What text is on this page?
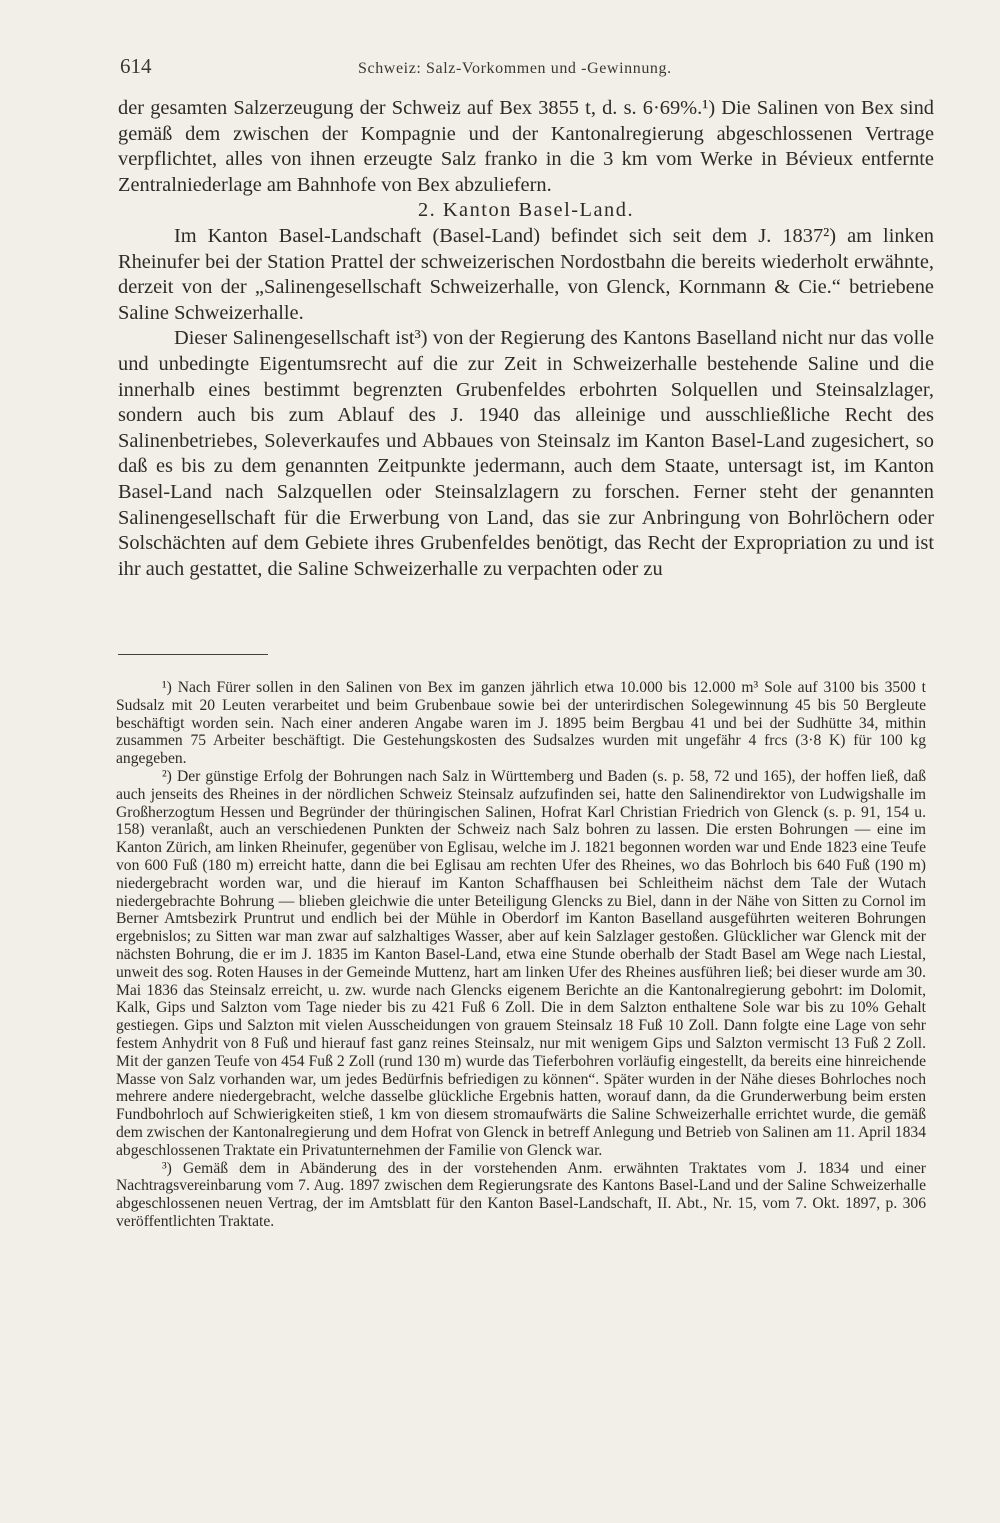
614	Schweiz: Salz-Vorkommen und -Gewinnung.

der gesamten Salzerzeugung der Schweiz auf Bex 3855 t, d. s. 6·69%.¹) Die Salinen von Bex sind gemäß dem zwischen der Kompagnie und der Kantonalregierung abgeschlossenen Vertrage verpflichtet, alles von ihnen erzeugte Salz franko in die 3 km vom Werke in Bévieux entfernte Zentralniederlage am Bahnhofe von Bex abzuliefern.

2. Kanton Basel-Land.

Im Kanton Basel-Landschaft (Basel-Land) befindet sich seit dem J. 1837²) am linken Rheinufer bei der Station Prattel der schweizerischen Nordostbahn die bereits wiederholt erwähnte, derzeit von der „Salinengesellschaft Schweizerhalle, von Glenck, Kornmann & Cie.“ betriebene Saline Schweizerhalle.

Dieser Salinengesellschaft ist³) von der Regierung des Kantons Baselland nicht nur das volle und unbedingte Eigentumsrecht auf die zur Zeit in Schweizerhalle bestehende Saline und die innerhalb eines bestimmt begrenzten Grubenfeldes erbohrten Solquellen und Steinsalzlager, sondern auch bis zum Ablauf des J. 1940 das alleinige und ausschließliche Recht des Salinenbetriebes, Soleverkaufes und Abbaues von Steinsalz im Kanton Basel-Land zugesichert, so daß es bis zu dem genannten Zeitpunkte jedermann, auch dem Staate, untersagt ist, im Kanton Basel-Land nach Salzquellen oder Steinsalzlagern zu forschen. Ferner steht der genannten Salinengesellschaft für die Erwerbung von Land, das sie zur Anbringung von Bohrlöchern oder Solschächten auf dem Gebiete ihres Grubenfeldes benötigt, das Recht der Expropriation zu und ist ihr auch gestattet, die Saline Schweizerhalle zu verpachten oder zu

¹) Nach Fürer sollen in den Salinen von Bex im ganzen jährlich etwa 10.000 bis 12.000 m³ Sole auf 3100 bis 3500 t Sudsalz mit 20 Leuten verarbeitet und beim Grubenbaue sowie bei der unterirdischen Solegewinnung 45 bis 50 Bergleute beschäftigt worden sein. Nach einer anderen Angabe waren im J. 1895 beim Bergbau 41 und bei der Sudhütte 34, mithin zusammen 75 Arbeiter beschäftigt. Die Gestehungskosten des Sudsalzes wurden mit ungefähr 4 frcs (3·8 K) für 100 kg angegeben.

²) Der günstige Erfolg der Bohrungen nach Salz in Württemberg und Baden (s. p. 58, 72 und 165), der hoffen ließ, daß auch jenseits des Rheines in der nördlichen Schweiz Steinsalz aufzufinden sei, hatte den Salinendirektor von Ludwigshalle im Großherzogtum Hessen und Begründer der thüringischen Salinen, Hofrat Karl Christian Friedrich von Glenck (s. p. 91, 154 u. 158) veranlaßt, auch an verschiedenen Punkten der Schweiz nach Salz bohren zu lassen. Die ersten Bohrungen — eine im Kanton Zürich, am linken Rheinufer, gegenüber von Eglisau, welche im J. 1821 begonnen worden war und Ende 1823 eine Teufe von 600 Fuß (180 m) erreicht hatte, dann die bei Eglisau am rechten Ufer des Rheines, wo das Bohrloch bis 640 Fuß (190 m) niedergebracht worden war, und die hierauf im Kanton Schaffhausen bei Schleitheim nächst dem Tale der Wutach niedergebrachte Bohrung — blieben gleichwie die unter Beteiligung Glencks zu Biel, dann in der Nähe von Sitten zu Cornol im Berner Amtsbezirk Pruntrut und endlich bei der Mühle in Oberdorf im Kanton Baselland ausgeführten weiteren Bohrungen ergebnislos; zu Sitten war man zwar auf salzhaltiges Wasser, aber auf kein Salzlager gestoßen. Glücklicher war Glenck mit der nächsten Bohrung, die er im J. 1835 im Kanton Basel-Land, etwa eine Stunde oberhalb der Stadt Basel am Wege nach Liestal, unweit des sog. Roten Hauses in der Gemeinde Muttenz, hart am linken Ufer des Rheines ausführen ließ; bei dieser wurde am 30. Mai 1836 das Steinsalz erreicht, u. zw. wurde nach Glencks eigenem Berichte an die Kantonalregierung gebohrt: im Dolomit, Kalk, Gips und Salzton vom Tage nieder bis zu 421 Fuß 6 Zoll. Die in dem Salzton enthaltene Sole war bis zu 10% Gehalt gestiegen. Gips und Salzton mit vielen Ausscheidungen von grauem Steinsalz 18 Fuß 10 Zoll. Dann folgte eine Lage von sehr festem Anhydrit von 8 Fuß und hierauf fast ganz reines Steinsalz, nur mit wenigem Gips und Salzton vermischt 13 Fuß 2 Zoll. Mit der ganzen Teufe von 454 Fuß 2 Zoll (rund 130 m) wurde das Tieferbohren vorläufig eingestellt, da bereits eine hinreichende Masse von Salz vorhanden war, um jedes Bedürfnis befriedigen zu können“. Später wurden in der Nähe dieses Bohrloches noch mehrere andere niedergebracht, welche dasselbe glückliche Ergebnis hatten, worauf dann, da die Grunderwerbung beim ersten Fundbohrloch auf Schwierigkeiten stieß, 1 km von diesem stromaufwärts die Saline Schweizerhalle errichtet wurde, die gemäß dem zwischen der Kantonalregierung und dem Hofrat von Glenck in betreff Anlegung und Betrieb von Salinen am 11. April 1834 abgeschlossenen Traktate ein Privatunternehmen der Familie von Glenck war.

³) Gemäß dem in Abänderung des in der vorstehenden Anm. erwähnten Traktates vom J. 1834 und einer Nachtragsvereinbarung vom 7. Aug. 1897 zwischen dem Regierungsrate des Kantons Basel-Land und der Saline Schweizerhalle abgeschlossenen neuen Vertrag, der im Amtsblatt für den Kanton Basel-Landschaft, II. Abt., Nr. 15, vom 7. Okt. 1897, p. 306 veröffentlichten Traktate.
